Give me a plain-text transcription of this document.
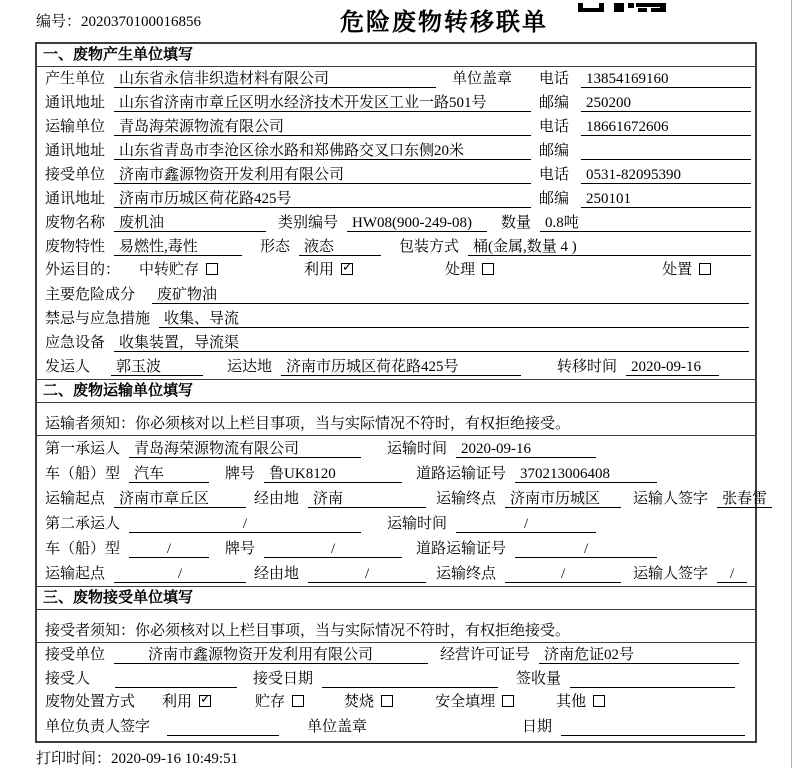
编号：2020370100016856	危险废物转移联单
一、废物产生单位填写
产生单位 山东省永信非织造材料有限公司	单位盖章	电话	13854169160
通讯地址 山东省济南市章丘区明水经济技术开发区工业一路501号	邮编	250200
运输单位 青岛海荣源物流有限公司	电话	18661672606
通讯地址 山东省青岛市李沧区徐水路和郑佛路交叉口东侧20米	邮编
接受单位 济南市鑫源物资开发利用有限公司	电话	0531-82095390
通讯地址 济南市历城区荷花路425号	邮编	250101
废物名称 废机油	类别编号 HW08(900-249-08)	数量 0.8吨
废物特性 易燃性,毒性	形态 液态	包装方式 桶(金属,数量 4 )
外运目的：	中转贮存	利用 ✓	处理	处置
主要危险成分	废矿物油
禁忌与应急措施 收集、导流
应急设备 收集装置，导流渠
发运人	郭玉波	运达地 济南市历城区荷花路425号	转移时间 2020-09-16
二、废物运输单位填写
运输者须知：你必须核对以上栏目事项，当与实际情况不符时，有权拒绝接受。
第一承运人 青岛海荣源物流有限公司	运输时间 2020-09-16
车（船）型 汽车	牌号 鲁UK8120	道路运输证号 370213006408
运输起点 济南市章丘区	经由地 济南	运输终点 济南市历城区	运输人签字 张春雷
第二承运人	/	运输时间	/
车（船）型	/	牌号	/	道路运输证号	/
运输起点	/	经由地	/	运输终点	/	运输人签字	/
三、废物接受单位填写
接受者须知：你必须核对以上栏目事项，当与实际情况不符时，有权拒绝接受。
接受单位	济南市鑫源物资开发利用有限公司	经营许可证号 济南危证02号
接受人	接受日期	签收量
废物处置方式	利用 ✓	贮存	焚烧	安全填埋	其他
单位负责人签字	单位盖章	日期
打印时间：2020-09-16 10:49:51
